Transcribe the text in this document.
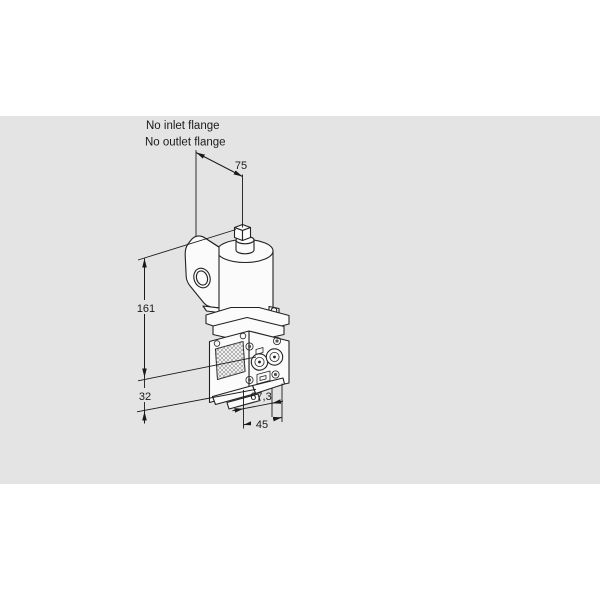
75
161
32	67,3
45
No inlet flange
No outlet flange
